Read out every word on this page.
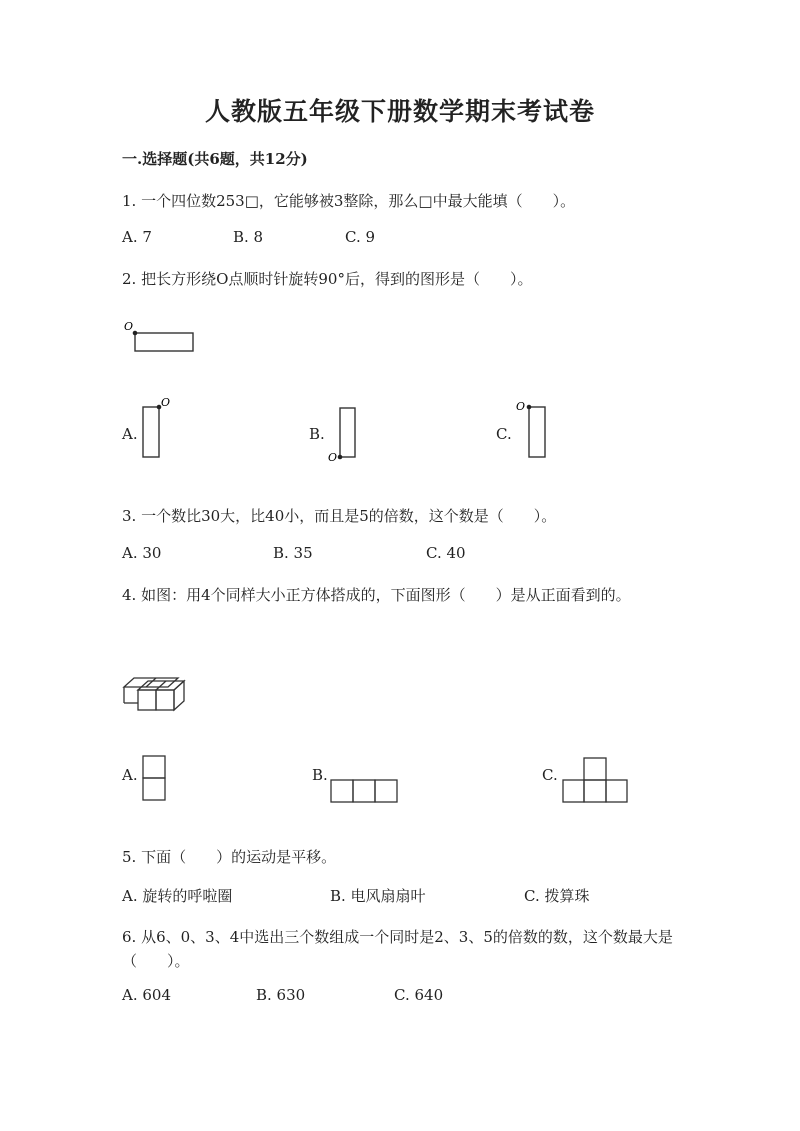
人教版五年级下册数学期末考试卷
一.选择题(共6题，共12分)
1. 一个四位数253□，它能够被3整除，那么□中最大能填（　　）。
A. 7	B. 8	C. 9
2. 把长方形绕O点顺时针旋转90°后，得到的图形是（　　）。
O
O
O
O
A.	B.	C.
3. 一个数比30大，比40小，而且是5的倍数，这个数是（　　）。
A. 30	B. 35	C. 40
4. 如图：用4个同样大小正方体搭成的，下面图形（　　）是从正面看到的。
A.	B.	C.
5. 下面（　　）的运动是平移。
A. 旋转的呼啦圈	B. 电风扇扇叶	C. 拨算珠
6. 从6、0、3、4中选出三个数组成一个同时是2、3、5的倍数的数，这个数最大是（　　）。
A. 604	B. 630	C. 640
